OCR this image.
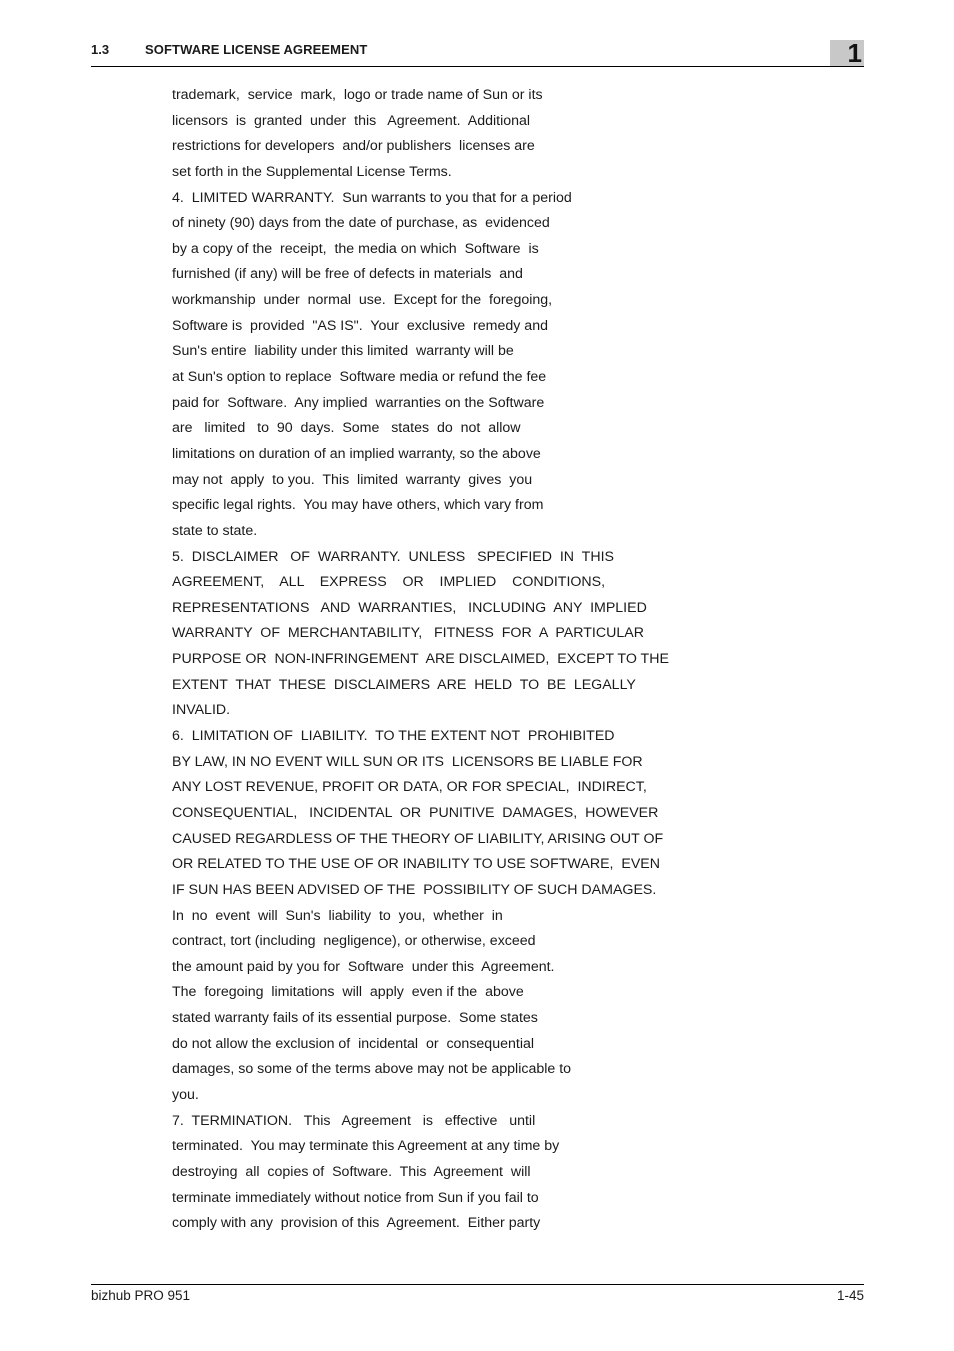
1.3	SOFTWARE LICENSE AGREEMENT	1
trademark,  service  mark,  logo or trade name of Sun or its
licensors  is  granted  under  this   Agreement.  Additional
restrictions for developers  and/or publishers  licenses are
set forth in the Supplemental License Terms.
4.  LIMITED WARRANTY.  Sun warrants to you that for a period
of ninety (90) days from the date of purchase, as  evidenced
by a copy of the  receipt,  the media on which  Software  is
furnished (if any) will be free of defects in materials  and
workmanship  under  normal  use.  Except for the  foregoing,
Software is  provided  "AS IS".  Your  exclusive  remedy and
Sun's entire  liability under this limited  warranty will be
at Sun's option to replace  Software media or refund the fee
paid for  Software.  Any implied  warranties on the Software
are   limited   to  90  days.  Some   states  do  not  allow
limitations on duration of an implied warranty, so the above
may not  apply  to you.  This  limited  warranty  gives  you
specific legal rights.  You may have others, which vary from
state to state.
5.  DISCLAIMER   OF  WARRANTY.  UNLESS   SPECIFIED  IN  THIS
AGREEMENT,    ALL    EXPRESS    OR    IMPLIED    CONDITIONS,
REPRESENTATIONS   AND  WARRANTIES,   INCLUDING  ANY  IMPLIED
WARRANTY  OF  MERCHANTABILITY,   FITNESS  FOR  A  PARTICULAR
PURPOSE OR  NON-INFRINGEMENT  ARE DISCLAIMED,  EXCEPT TO THE
EXTENT  THAT  THESE  DISCLAIMERS  ARE  HELD  TO  BE  LEGALLY
INVALID.
6.  LIMITATION OF  LIABILITY.  TO THE EXTENT NOT  PROHIBITED
BY LAW, IN NO EVENT WILL SUN OR ITS  LICENSORS BE LIABLE FOR
ANY LOST REVENUE, PROFIT OR DATA, OR FOR SPECIAL,  INDIRECT,
CONSEQUENTIAL,   INCIDENTAL  OR  PUNITIVE  DAMAGES,  HOWEVER
CAUSED REGARDLESS OF THE THEORY OF LIABILITY, ARISING OUT OF
OR RELATED TO THE USE OF OR INABILITY TO USE SOFTWARE,  EVEN
IF SUN HAS BEEN ADVISED OF THE  POSSIBILITY OF SUCH DAMAGES.
In  no  event  will  Sun's  liability  to  you,  whether  in
contract, tort (including  negligence), or otherwise, exceed
the amount paid by you for  Software  under this  Agreement.
The  foregoing  limitations  will  apply  even if the  above
stated warranty fails of its essential purpose.  Some states
do not allow the exclusion of  incidental  or  consequential
damages, so some of the terms above may not be applicable to
you.
7.  TERMINATION.   This   Agreement   is   effective   until
terminated.  You may terminate this Agreement at any time by
destroying  all  copies of  Software.  This  Agreement  will
terminate immediately without notice from Sun if you fail to
comply with any  provision of this  Agreement.  Either party
bizhub PRO 951	1-45
